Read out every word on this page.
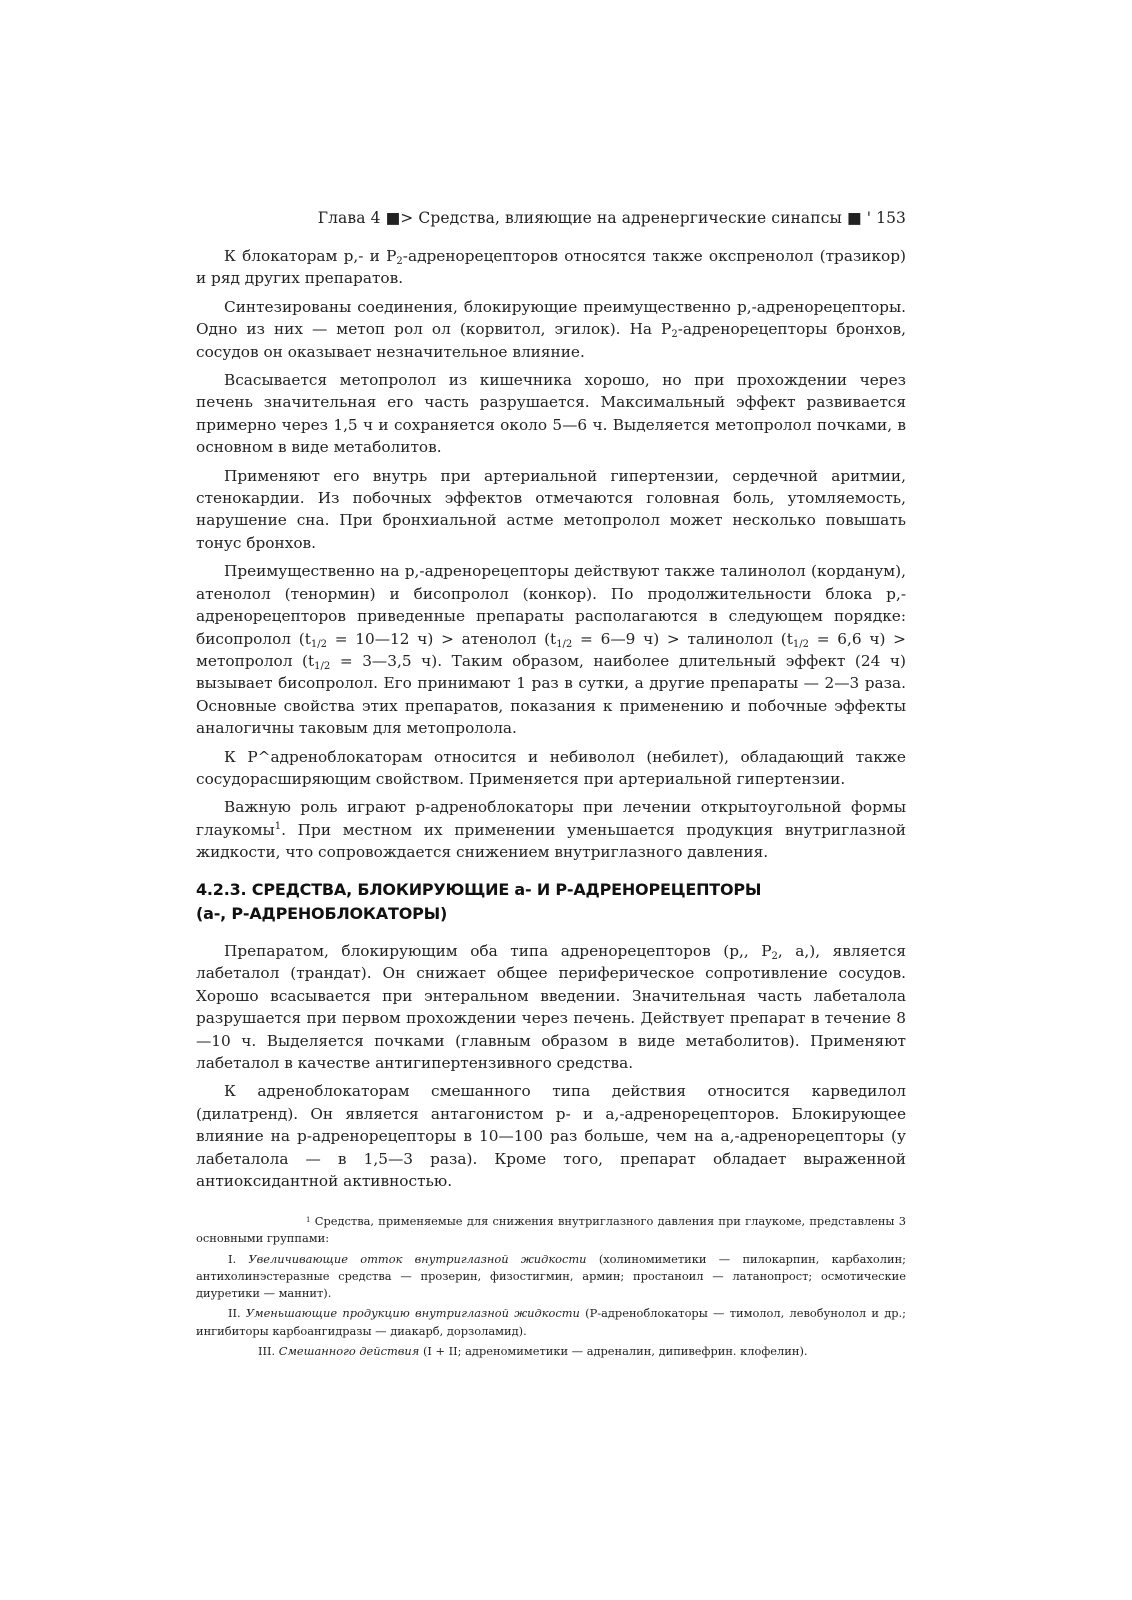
Глава 4 ■> Средства, влияющие на адренергические синапсы ■ ' 153

К блокаторам р,- и $Р_2$-адренорецепторов относятся также окспренолол (тразикор) и ряд других препаратов.

Синтезированы соединения, блокирующие преимущественно р,-адренорецепторы. Одно из них — метоп рол ол (корвитол, эгилок). На $Р_2$-адренорецепторы бронхов, сосудов он оказывает незначительное влияние.

Всасывается метопролол из кишечника хорошо, но при прохождении через печень значительная его часть разрушается. Максимальный эффект развивается примерно через 1,5 ч и сохраняется около 5—6 ч. Выделяется метопролол почками, в основном в виде метаболитов.

Применяют его внутрь при артериальной гипертензии, сердечной аритмии, стенокардии. Из побочных эффектов отмечаются головная боль, утомляемость, нарушение сна. При бронхиальной астме метопролол может несколько повышать тонус бронхов.

Преимущественно на р,-адренорецепторы действуют также талинолол (корданум), атенолол (тенормин) и бисопролол (конкор). По продолжительности блока р,-адренорецепторов приведенные препараты располагаются в следующем порядке: бисопролол ($t_{1/2}$ = 10—12 ч) > атенолол ($t_{1/2}$ = 6—9 ч) > талинолол ($t_{1/2} = 6,6$ ч) > метопролол ($t_{1/2}$ = 3—3,5 ч). Таким образом, наиболее длительный эффект (24 ч) вызывает бисопролол. Его принимают 1 раз в сутки, а другие препараты — 2—3 раза. Основные свойства этих препаратов, показания к применению и побочные эффекты аналогичны таковым для метопролола.

К Р^адреноблокаторам относится и небиволол (небилет), обладающий также сосудорасширяющим свойством. Применяется при артериальной гипертензии.

Важную роль играют р-адреноблокаторы при лечении открытоугольной формы глаукомы$^1$. При местном их применении уменьшается продукция внутриглазной жидкости, что сопровождается снижением внутриглазного давления.

4.2.3. СРЕДСТВА, БЛОКИРУЮЩИЕ а- И Р-АДРЕНОРЕЦЕПТОРЫ
(а-, Р-АДРЕНОБЛОКАТОРЫ)

Препаратом, блокирующим оба типа адренорецепторов (р,, $Р_2$, а,), является лабеталол (трандат). Он снижает общее периферическое сопротивление сосудов. Хорошо всасывается при энтеральном введении. Значительная часть лабеталола разрушается при первом прохождении через печень. Действует препарат в течение 8—10 ч. Выделяется почками (главным образом в виде метаболитов). Применяют лабеталол в качестве антигипертензивного средства.

К адреноблокаторам смешанного типа действия относится карведилол (дилатренд). Он является антагонистом р- и а,-адренорецепторов. Блокирующее влияние на р-адренорецепторы в 10—100 раз больше, чем на а,-адренорецепторы (у лабеталола — в 1,5—3 раза). Кроме того, препарат обладает выраженной антиоксидантной активностью.

$^1$ Средства, применяемые для снижения внутриглазного давления при глаукоме, представлены 3 основными группами:

I. Увеличивающие отток внутриглазной жидкости (холиномиметики — пилокарпин, карбахолин; антихолинэстеразные средства — прозерин, физостигмин, армин; простаноил — латанопрост; осмотические диуретики — маннит).

II. Уменьшающие продукцию внутриглазной жидкости (Р-адреноблокаторы — тимолол, левобунолол и др.; ингибиторы карбоангидразы — диакарб, дорзоламид).

III. Смешанного действия (I + II; адреномиметики — адреналин, дипивефрин. клофелин).
